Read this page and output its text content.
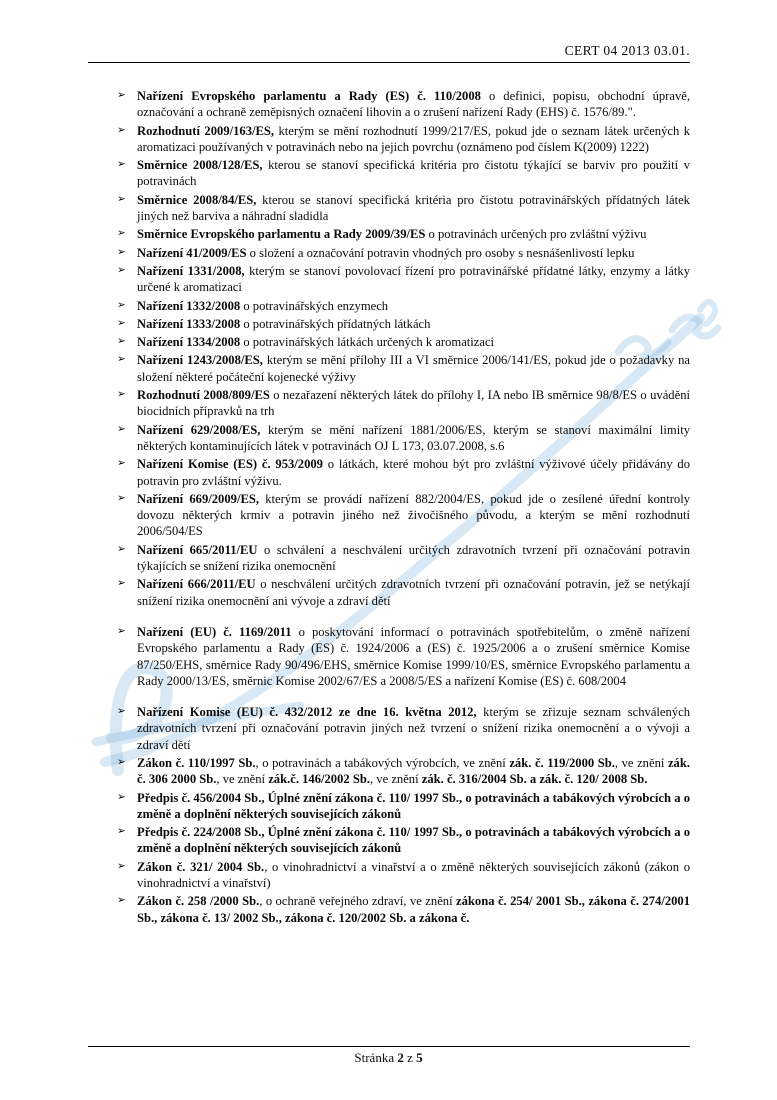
CERT 04 2013 03.01.
➢ Nařízení Evropského parlamentu a Rady (ES) č. 110/2008 o definici, popisu, obchodní úpravě, označování a ochraně zeměpisných označení lihovin a o zrušení nařízení Rady (EHS) č. 1576/89.".
➢ Rozhodnutí 2009/163/ES, kterým se mění rozhodnutí 1999/217/ES, pokud jde o seznam látek určených k aromatizaci používaných v potravinách nebo na jejich povrchu (oznámeno pod číslem K(2009) 1222)
➢ Směrnice 2008/128/ES, kterou se stanoví specifická kritéria pro čistotu týkající se barviv pro použití v potravinách
➢ Směrnice 2008/84/ES, kterou se stanoví specifická kritéria pro čistotu potravinářských přídatných látek jiných než barviva a náhradní sladidla
➢ Směrnice Evropského parlamentu a Rady 2009/39/ES o potravinách určených pro zvláštní výživu
➢ Nařízení 41/2009/ES o složení a označování potravin vhodných pro osoby s nesnášenlivostí lepku
➢ Nařízení 1331/2008, kterým se stanoví povolovací řízení pro potravinářské přídatné látky, enzymy a látky určené k aromatizaci
➢ Nařízení 1332/2008 o potravinářských enzymech
➢ Nařízení 1333/2008 o potravinářských přídatných látkách
➢ Nařízení 1334/2008 o potravinářských látkách určených k aromatizaci
➢ Nařízení 1243/2008/ES, kterým se mění přílohy III a VI směrnice 2006/141/ES, pokud jde o požadavky na složení některé počáteční kojenecké výživy
➢ Rozhodnutí 2008/809/ES o nezařazení některých látek do přílohy I, IA nebo IB směrnice 98/8/ES o uvádění biocidních přípravků na trh
➢ Nařízení 629/2008/ES, kterým se mění nařízení 1881/2006/ES, kterým se stanoví maximální limity některých kontaminujících látek v potravinách OJ L 173, 03.07.2008, s.6
➢ Nařízení Komise (ES) č. 953/2009 o látkách, které mohou být pro zvláštní výživové účely přidávány do potravin pro zvláštní výživu.
➢ Nařízení 669/2009/ES, kterým se provádí nařízení 882/2004/ES, pokud jde o zesílené úřední kontroly dovozu některých krmiv a potravin jiného než živočišného původu, a kterým se mění rozhodnutí 2006/504/ES
➢ Nařízení 665/2011/EU o schválení a neschválení určitých zdravotních tvrzení při označování potravin týkajících se snížení rizika onemocnění
➢ Nařízení 666/2011/EU o neschválení určitých zdravotních tvrzení při označování potravin, jež se netýkají snížení rizika onemocnění ani vývoje a zdraví dětí
➢ Nařízení (EU) č. 1169/2011 o poskytování informací o potravinách spotřebitelům, o změně nařízení Evropského parlamentu a Rady (ES) č. 1924/2006 a (ES) č. 1925/2006 a o zrušení směrnice Komise 87/250/EHS, směrnice Rady 90/496/EHS, směrnice Komise 1999/10/ES, směrnice Evropského parlamentu a Rady 2000/13/ES, směrnic Komise 2002/67/ES a 2008/5/ES a nařízení Komise (ES) č. 608/2004
➢ Nařízení Komise (EU) č. 432/2012 ze dne 16. května 2012, kterým se zřizuje seznam schválených zdravotních tvrzení při označování potravin jiných než tvrzení o snížení rizika onemocnění a o vývoji a zdraví dětí
➢ Zákon č. 110/1997 Sb., o potravinách a tabákových výrobcích, ve znění zák. č. 119/2000 Sb., ve znění zák. č. 306 2000 Sb., ve znění zák.č. 146/2002 Sb., ve znění zák. č. 316/2004 Sb. a zák. č. 120/ 2008 Sb.
➢ Předpis č. 456/2004 Sb., Úplné znění zákona č. 110/ 1997 Sb., o potravinách a tabákových výrobcích a o změně a doplnění některých souvisejících zákonů
➢ Předpis č. 224/2008 Sb., Úplné znění zákona č. 110/ 1997 Sb., o potravinách a tabákových výrobcích a o změně a doplnění některých souvisejících zákonů
➢ Zákon č. 321/ 2004 Sb., o vinohradnictví a vinařství a o změně některých souvisejících zákonů (zákon o vinohradnictví a vinařství)
➢ Zákon č. 258 /2000 Sb., o ochraně veřejného zdraví, ve znění zákona č. 254/ 2001 Sb., zákona č. 274/2001 Sb., zákona č. 13/ 2002 Sb., zákona č. 120/2002 Sb. a zákona č.
Stránka 2 z 5
